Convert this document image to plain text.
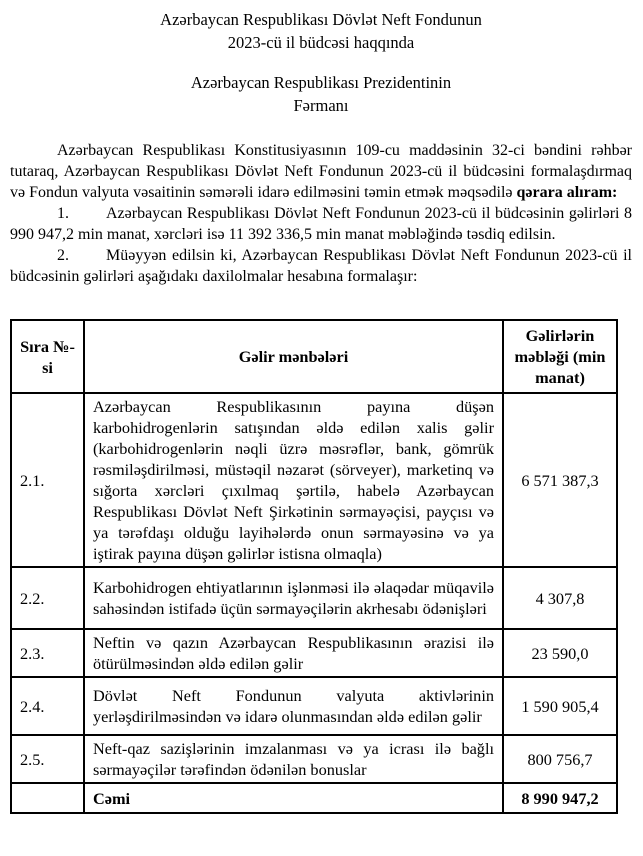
Azərbaycan Respublikası Dövlət Neft Fondunun
2023-cü il büdcəsi haqqında
Azərbaycan Respublikası Prezidentinin
Fərmanı

Azərbaycan Respublikası Konstitusiyasının 109-cu maddəsinin 32-ci bəndini rəhbər tutaraq, Azərbaycan Respublikası Dövlət Neft Fondunun 2023-cü il büdcəsini formalaşdırmaq və Fondun valyuta vəsaitinin səmərəli idarə edilməsini təmin etmək məqsədilə qərara alıram:

1. Azərbaycan Respublikası Dövlət Neft Fondunun 2023-cü il büdcəsinin gəlirləri 8 990 947,2 min manat, xərcləri isə 11 392 336,5 min manat məbləğində təsdiq edilsin.

2. Müəyyən edilsin ki, Azərbaycan Respublikası Dövlət Neft Fondunun 2023-cü il büdcəsinin gəlirləri aşağıdakı daxilolmalar hesabına formalaşır:

Sıra №-si	Gəlir mənbələri	Gəlirlərin məbləği (min manat)
2.1.	Azərbaycan Respublikasının payına düşən karbohidrogenlərin satışından əldə edilən xalis gəlir (karbohidrogenlərin nəqli üzrə məsrəflər, bank, gömrük rəsmiləşdirilməsi, müstəqil nəzarət (sörveyer), marketinq və sığorta xərcləri çıxılmaq şərtilə, habelə Azərbaycan Respublikası Dövlət Neft Şirkətinin sərmayəçisi, payçısı və ya tərəfdaşı olduğu layihələrdə onun sərmayəsinə və ya iştirak payına düşən gəlirlər istisna olmaqla)	6 571 387,3
2.2.	Karbohidrogen ehtiyatlarının işlənməsi ilə əlaqədar müqavilə sahəsindən istifadə üçün sərmayəçilərin akrhesabı ödənişləri	4 307,8
2.3.	Neftin və qazın Azərbaycan Respublikasının ərazisi ilə ötürülməsindən əldə edilən gəlir	23 590,0
2.4.	Dövlət Neft Fondunun valyuta aktivlərinin yerləşdirilməsindən və idarə olunmasından əldə edilən gəlir	1 590 905,4
2.5.	Neft-qaz sazişlərinin imzalanması və ya icrası ilə bağlı sərmayəçilər tərəfindən ödənilən bonuslar	800 756,7
	Cəmi	8 990 947,2
